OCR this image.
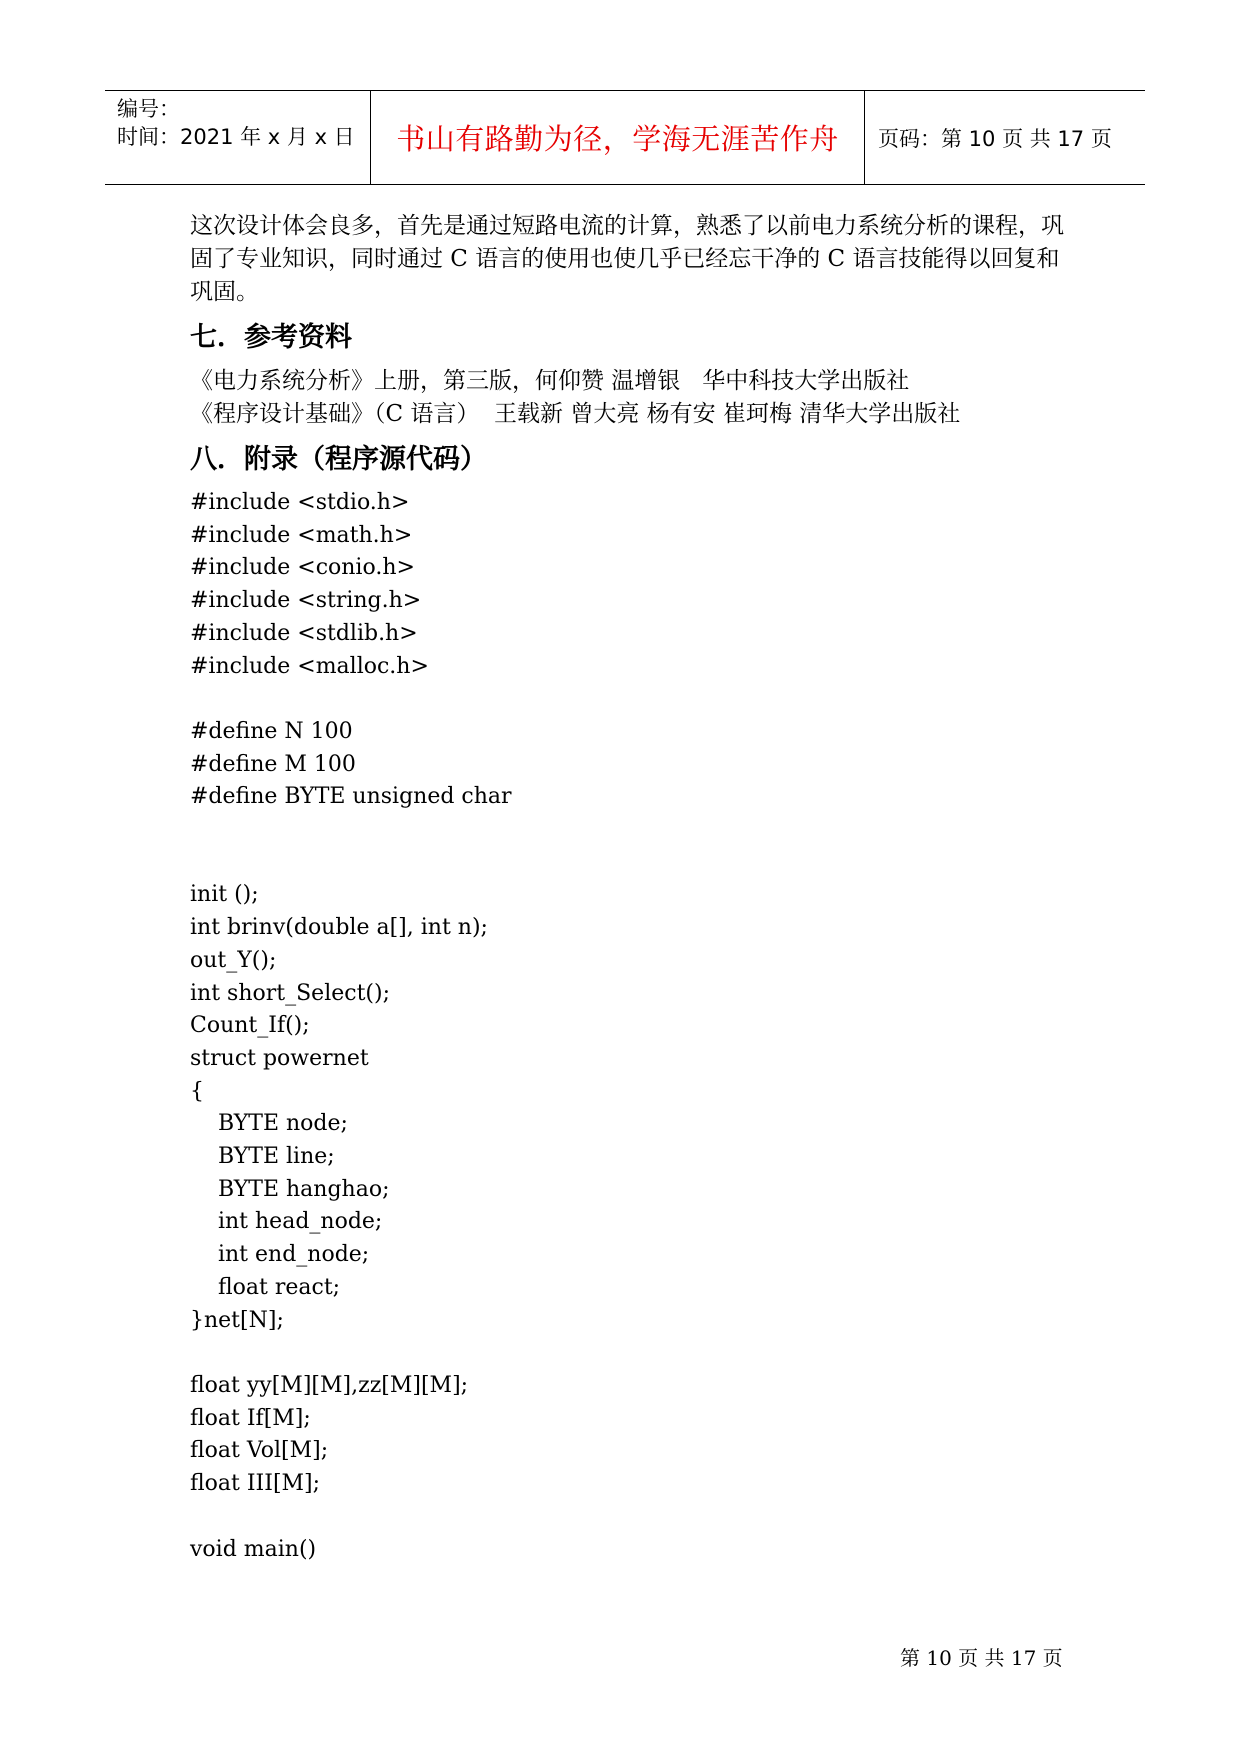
编号：
时间：2021 年 x 月 x 日 书山有路勤为径，学海无涯苦作舟 页码：第 10 页 共 17 页

这次设计体会良多，首先是通过短路电流的计算，熟悉了以前电力系统分析的课程，巩固了专业知识，同时通过 C 语言的使用也使几乎已经忘干净的 C 语言技能得以回复和巩固。

七．参考资料
《电力系统分析》上册，第三版，何仰赞 温增银   华中科技大学出版社
《程序设计基础》（C 语言）  王载新 曾大亮 杨有安 崔珂梅 清华大学出版社
八．附录（程序源代码）
#include <stdio.h>
#include <math.h>
#include <conio.h>
#include <string.h>
#include <stdlib.h>
#include <malloc.h>

#define N 100
#define M 100
#define BYTE unsigned char

init ();
int brinv(double a[], int n);
out_Y();
int short_Select();
Count_If();
struct powernet
{
BYTE node;
BYTE line;
BYTE hanghao;
int head_node;
int end_node;
float react;
}net[N];

float yy[M][M],zz[M][M];
float If[M];
float Vol[M];
float III[M];

void main()
第 10 页 共 17 页
